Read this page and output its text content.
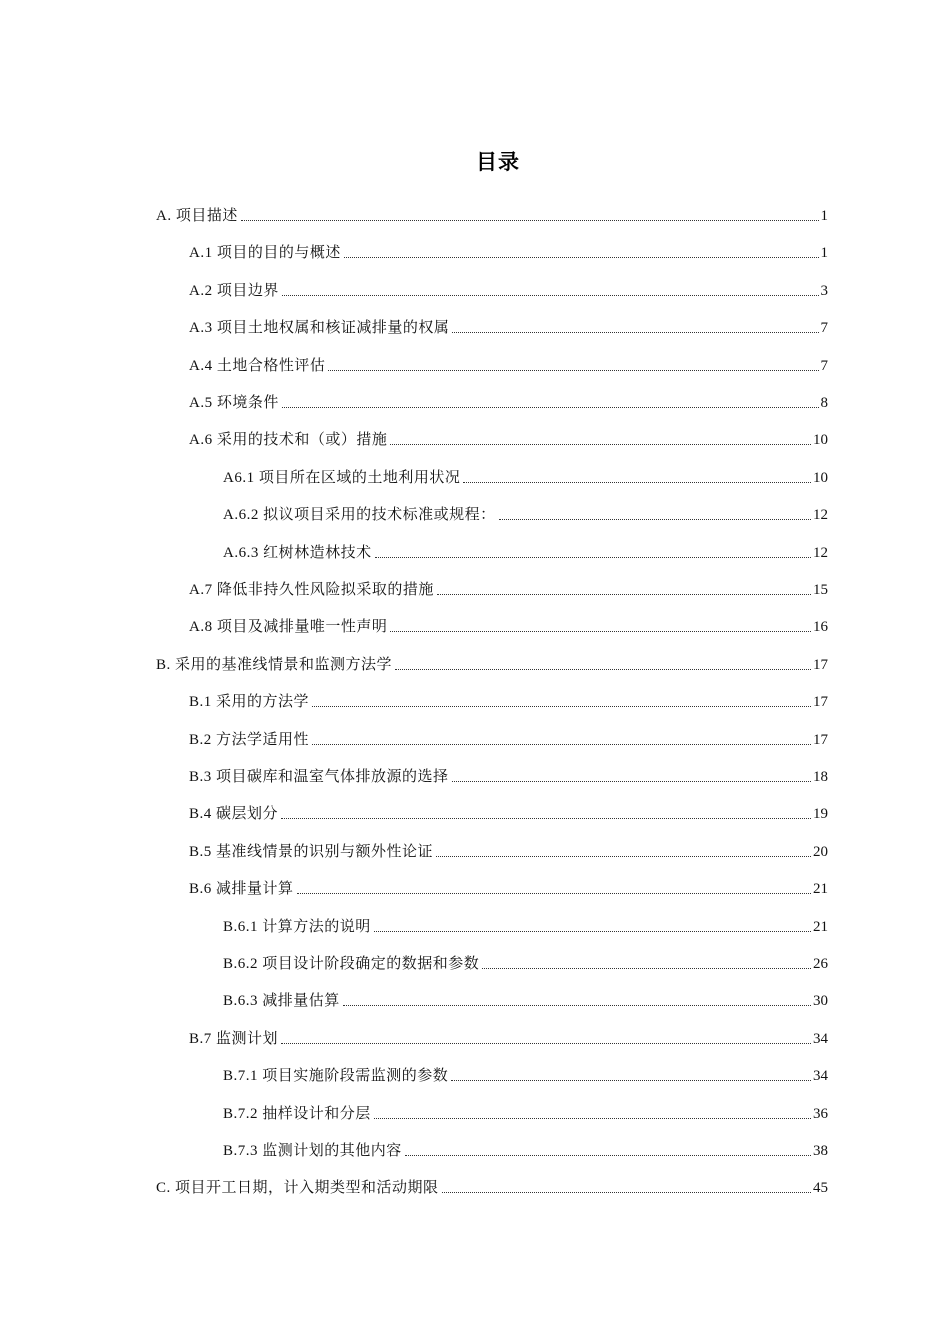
目录
A. 项目描述	1
A.1 项目的目的与概述	1
A.2 项目边界	3
A.3 项目土地权属和核证减排量的权属	7
A.4 土地合格性评估	7
A.5 环境条件	8
A.6 采用的技术和（或）措施	10
A6.1 项目所在区域的土地利用状况	10
A.6.2 拟议项目采用的技术标准或规程：	12
A.6.3 红树林造林技术	12
A.7 降低非持久性风险拟采取的措施	15
A.8 项目及减排量唯一性声明	16
B. 采用的基准线情景和监测方法学	17
B.1 采用的方法学	17
B.2 方法学适用性	17
B.3 项目碳库和温室气体排放源的选择	18
B.4 碳层划分	19
B.5 基准线情景的识别与额外性论证	20
B.6 减排量计算	21
B.6.1 计算方法的说明	21
B.6.2 项目设计阶段确定的数据和参数	26
B.6.3 减排量估算	30
B.7 监测计划	34
B.7.1 项目实施阶段需监测的参数	34
B.7.2 抽样设计和分层	36
B.7.3 监测计划的其他内容	38
C. 项目开工日期，计入期类型和活动期限	45
